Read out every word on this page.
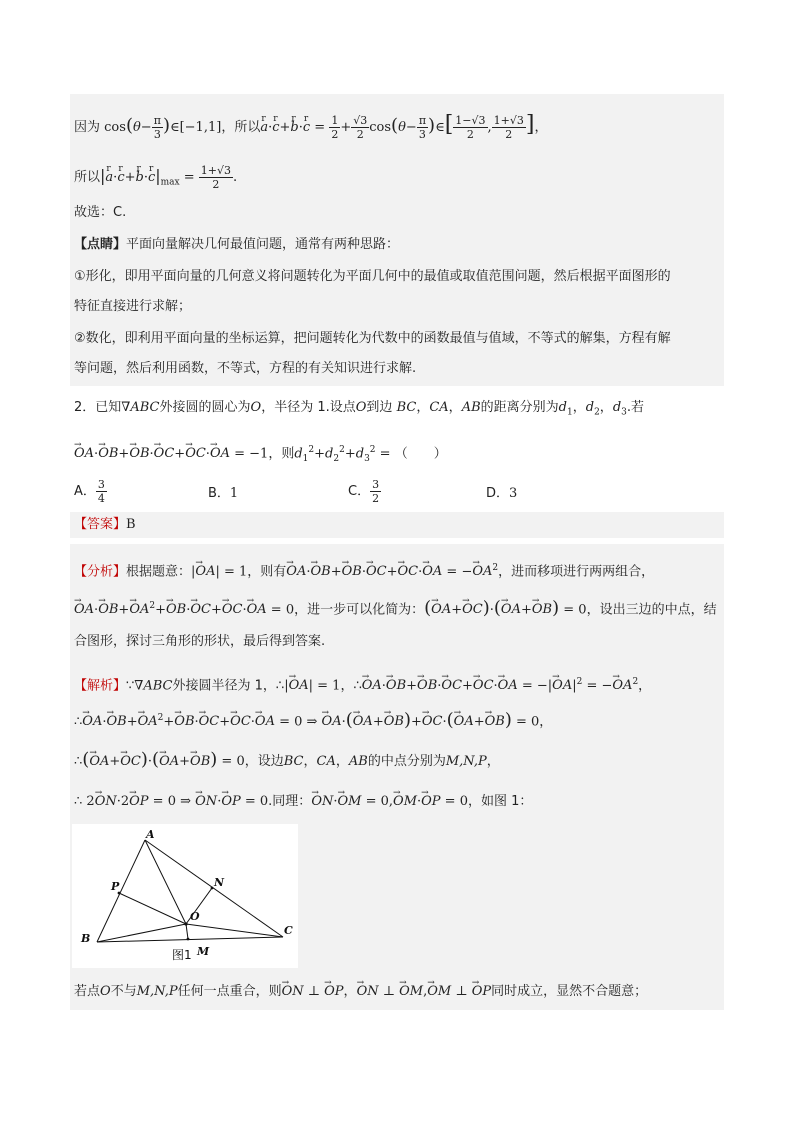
因为 $\cos(\theta- \frac{\pi}{3}$ )∈[−1,1]，所以r a·r c+r b·r $c = \frac{1}{2} + \frac{√3}{2} \cos(\theta- \frac{\pi}{3}$ )∈[ $\frac{1-√3}{2}$ , $\frac{1+√3}{2}$ ]，
所以|r a·r c+r b·r $c|_{max} = \frac{1+√3}{2}$ .
故选：C.
【点睛】平面向量解决几何最值问题，通常有两种思路：
①形化，即用平面向量的几何意义将问题转化为平面几何中的最值或取值范围问题，然后根据平面图形的
特征直接进行求解；
②数化，即利用平面向量的坐标运算，把问题转化为代数中的函数最值与值域，不等式的解集，方程有解
等问题，然后利用函数，不等式，方程的有关知识进行求解.
2．已知∇ABC外接圆的圆心为O，半径为 1.设点O到边 BC，CA，AB的距离分别为$d_1$，$d_2$，$d_3$.若
→ OA·→ OB+→ OB·→ OC+→ OC·→ OA = −1，则$d_1^2+d_2^2+d_3^2$ = （　　）
A． $\frac{3}{4}$	B．1	C． $\frac{3}{2}$	D．3
【答案】B
【分析】根据题意：|→ OA| = 1，则有→ OA·→ OB+→ OB·→ OC+→ OC·→ OA = −→ $OA^2$，进而移项进行两两组合，
→ $OA\cdot\to OB+\to OA^2+\to OB\cdot\to OC+\to OC\cdot\to$ OA = 0，进一步可以化简为：(→ OA+→ OC)·(→ OA+→ OB) = 0，设出三边的中点，结
合图形，探讨三角形的形状，最后得到答案.
【解析】∵∇ABC外接圆半径为 1，∴|→ OA| = 1，∴→ OA·→ OB+→ OB·→ OC+→ OC·→ OA = −|→ $OA|^2$ = −→ $OA^2$，
∴→ $OA\cdot\to OB+\to OA^2+\to OB\cdot\to OC+\to OC\cdot\to$ OA = 0 ⇒ → OA·(→ OA+→ OB)+→ OC·(→ OA+→ OB) = 0，
∴(→ OA+→ OC)·(→ OA+→ OB) = 0，设边BC，CA，AB的中点分别为M,N,P，
∴ 2→ ON·2→ OP = 0 ⇒ → ON·→ OP = 0.同理：→ ON·→ OM = 0,→ OM·→ OP = 0，如图 1：
A
B
C
O
P	N
M
图1
若点O不与M,N,P任何一点重合，则→ ON ⊥ → OP，→ ON ⊥ → OM,→ OM ⊥ → OP同时成立，显然不合题意；
